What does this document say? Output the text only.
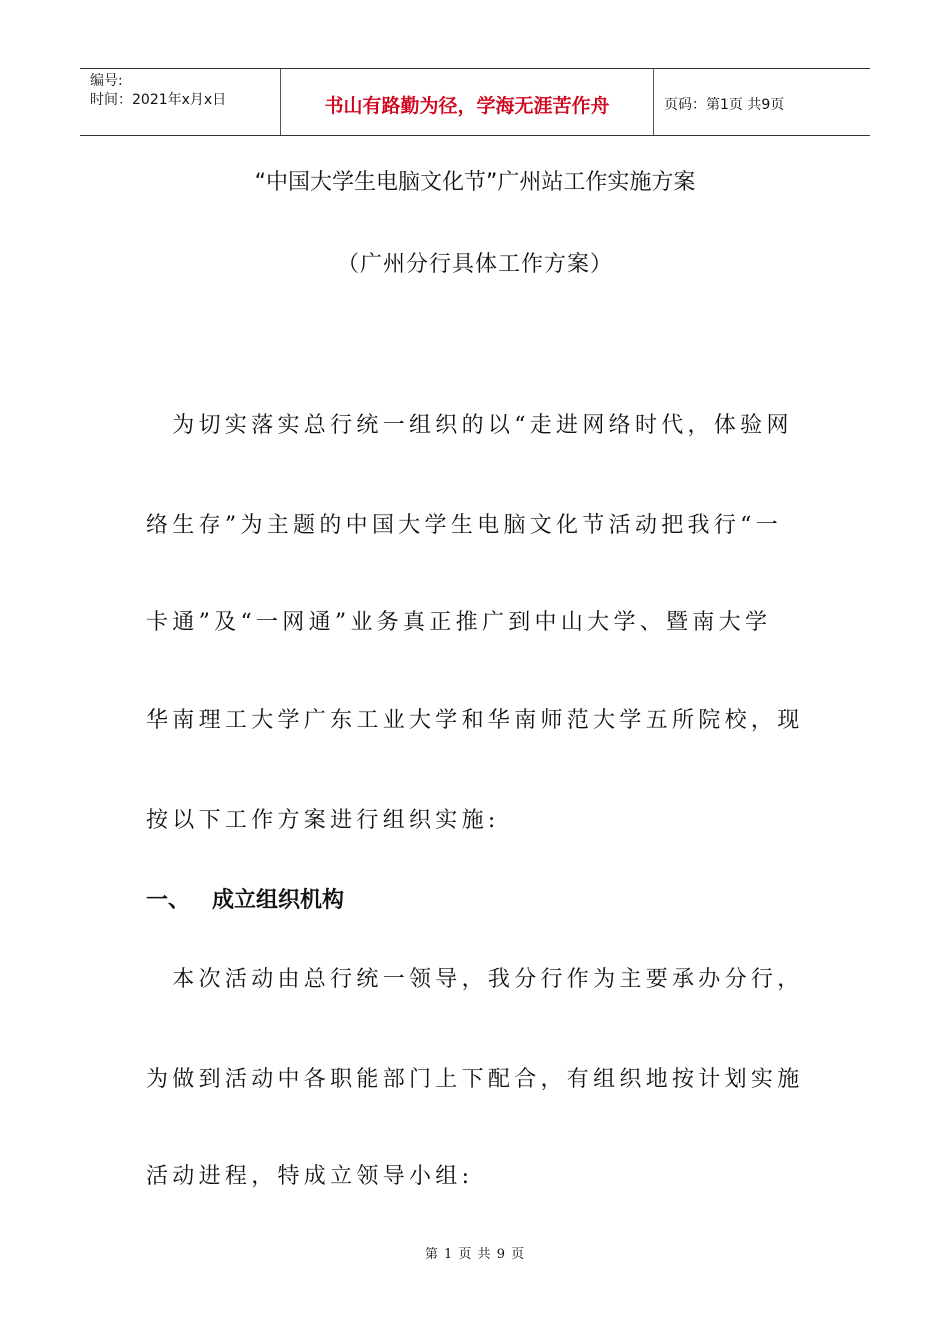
编号:
时间：2021年x月x日	书山有路勤为径，学海无涯苦作舟	页码：第1页 共9页
“中国大学生电脑文化节”广州站工作实施方案
（广州分行具体工作方案）
　为切实落实总行统一组织的以“走进网络时代，体验网
络生存”为主题的中国大学生电脑文化节活动把我行“一
卡通”及“一网通”业务真正推广到中山大学、暨南大学
华南理工大学广东工业大学和华南师范大学五所院校，现
按以下工作方案进行组织实施:
一、 成立组织机构
　本次活动由总行统一领导，我分行作为主要承办分行，
为做到活动中各职能部门上下配合，有组织地按计划实施
活动进程，特成立领导小组:
第 1 页 共 9 页
